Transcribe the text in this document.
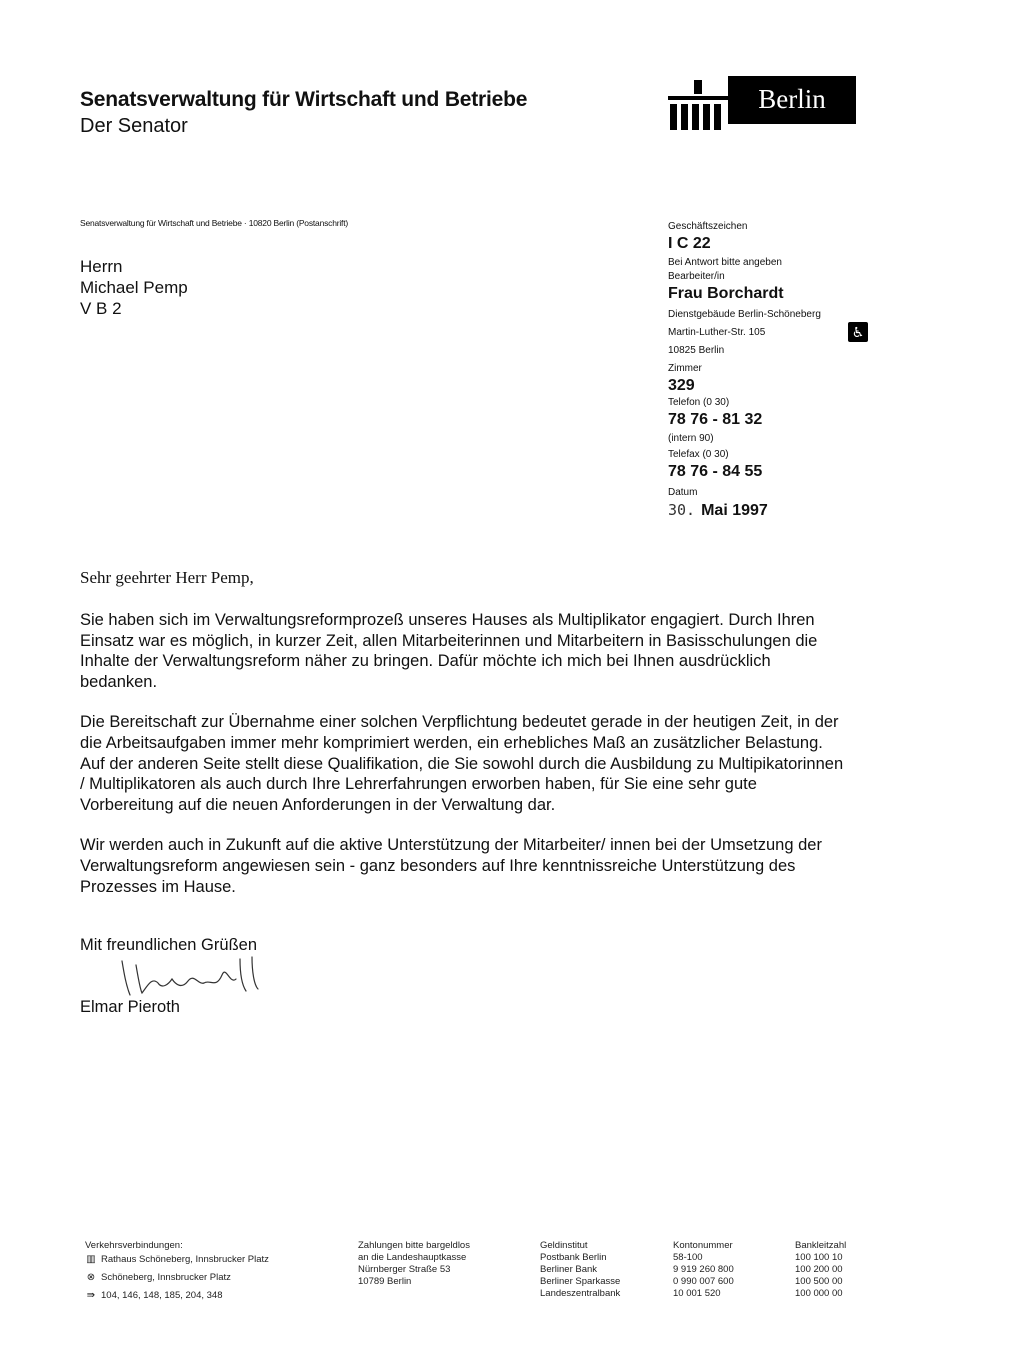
Senatsverwaltung für Wirtschaft und Betriebe
Der Senator
Berlin
Senatsverwaltung für Wirtschaft und Betriebe · 10820 Berlin (Postanschrift)
Herrn
Michael Pemp
V B 2
Geschäftszeichen
I C 22
Bei Antwort bitte angeben
Bearbeiter/in
Frau Borchardt
Dienstgebäude Berlin-Schöneberg
Martin-Luther-Str. 105	♿
10825 Berlin
Zimmer
329
Telefon (0 30)
78 76 - 81 32
(intern 90)
Telefax (0 30)
78 76 - 84 55
Datum
30. Mai 1997
Sehr geehrter Herr Pemp,

Sie haben sich im Verwaltungsreformprozeß unseres Hauses als Multiplikator engagiert. Durch Ihren Einsatz war es möglich, in kurzer Zeit, allen Mitarbeiterinnen und Mitarbeitern in Basisschulungen die Inhalte der Verwaltungsreform näher zu bringen. Dafür möchte ich mich bei Ihnen ausdrücklich bedanken.

Die Bereitschaft zur Übernahme einer solchen Verpflichtung bedeutet gerade in der heutigen Zeit, in der die Arbeitsaufgaben immer mehr komprimiert werden, ein erhebliches Maß an zusätzlicher Belastung. Auf der anderen Seite stellt diese Qualifikation, die Sie sowohl durch die Ausbildung zu Multipikatorinnen / Multiplikatoren als auch durch Ihre Lehrerfahrungen erworben haben, für Sie eine sehr gute Vorbereitung auf die neuen Anforderungen in der Verwaltung dar.

Wir werden auch in Zukunft auf die aktive Unterstützung der Mitarbeiter/ innen bei der Umsetzung der Verwaltungsreform angewiesen sein - ganz besonders auf Ihre kenntnissreiche Unterstützung des Prozesses im Hause.

Mit freundlichen Grüßen
Elmar Pieroth
Verkehrsverbindungen:
▥ Rathaus Schöneberg, Innsbrucker Platz
⊗ Schöneberg, Innsbrucker Platz
⇛ 104, 146, 148, 185, 204, 348
Zahlungen bitte bargeldlos
an die Landeshauptkasse
Nürnberger Straße 53
10789 Berlin
Geldinstitut
Postbank Berlin
Berliner Bank
Berliner Sparkasse
Landeszentralbank
Kontonummer
58-100
9 919 260 800
0 990 007 600
10 001 520
Bankleitzahl
100 100 10
100 200 00
100 500 00
100 000 00
